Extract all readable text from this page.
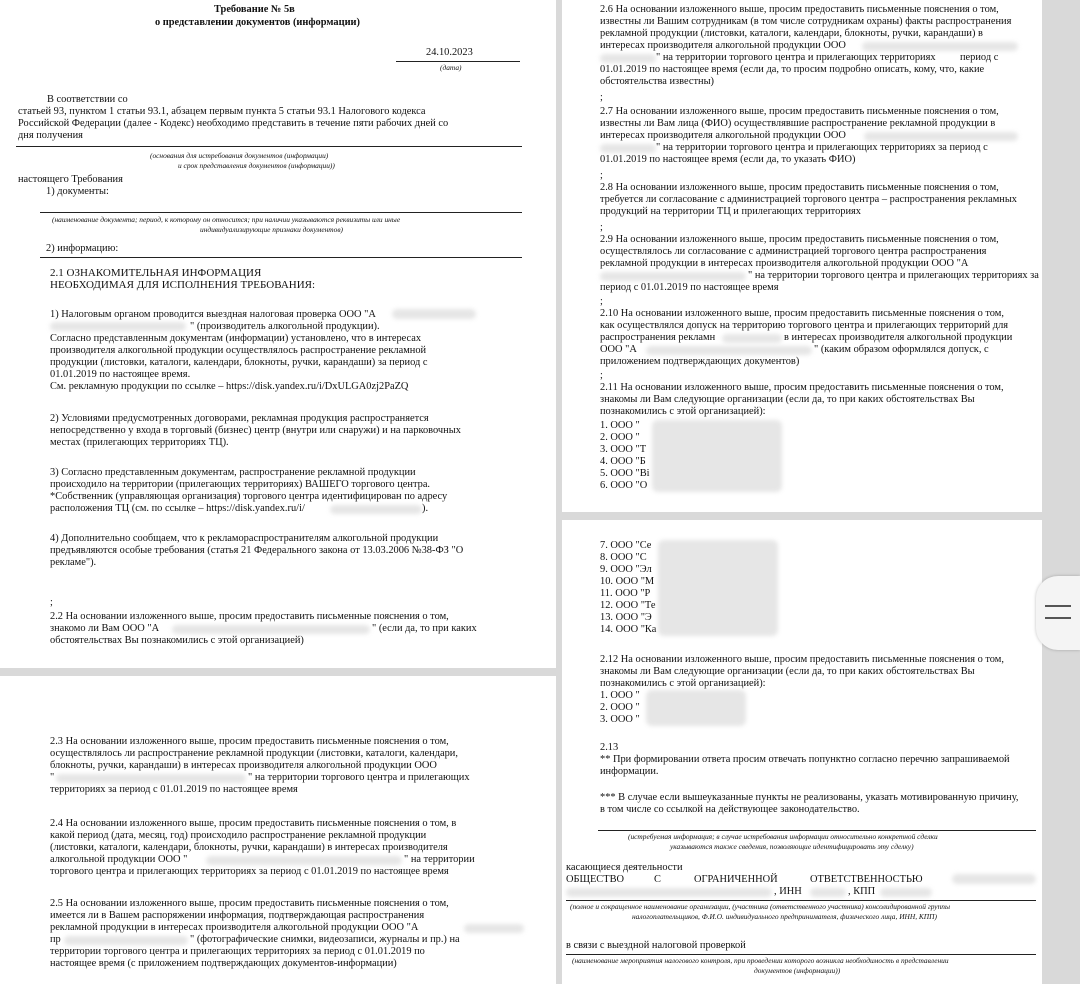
Требование № 5в
о представлении документов (информации)
24.10.2023
(дата)
В соответствии со
статьей 93, пунктом 1 статьи 93.1, абзацем первым пункта 5 статьи 93.1 Налогового кодекса
Российской Федерации (далее - Кодекс) необходимо представить в течение пяти рабочих дней со
дня получения
(основания для истребования документов (информации)
и срок представления документов (информации))
настоящего Требования
1) документы:
(наименование документа; период, к которому он относится; при наличии указываются реквизиты или иные
индивидуализирующие признаки документов)
2) информацию:
2.1 ОЗНАКОМИТЕЛЬНАЯ ИНФОРМАЦИЯ
НЕОБХОДИМАЯ ДЛЯ ИСПОЛНЕНИЯ ТРЕБОВАНИЯ:
1) Налоговым органом проводится выездная налоговая проверка ООО "А
" (производитель алкогольной продукции).
Согласно представленным документам (информации) установлено, что в интересах
производителя алкогольной продукции осуществлялось распространение рекламной
продукции (листовки, каталоги, календари, блокноты, ручки, карандаши) за период с
01.01.2019 по настоящее время.
См. рекламную продукции по ссылке – https://disk.yandex.ru/i/DxULGA0zj2PaZQ
2) Условиями предусмотренных договорами, рекламная продукция распространяется
непосредственно у входа в торговый (бизнес) центр (внутри или снаружи) и на парковочных
местах (прилегающих территориях ТЦ).
3) Согласно представленным документам, распространение рекламной продукции
происходило на территории (прилегающих территориях) ВАШЕГО торгового центра.
*Собственник (управляющая организация) торгового центра идентифицирован по адресу
расположения ТЦ (см. по ссылке – https://disk.yandex.ru/i/	).
4) Дополнительно сообщаем, что к рекламораспространителям алкогольной продукции
предъявляются особые требования (статья 21 Федерального закона от 13.03.2006 №38-ФЗ "О
рекламе").
;
2.2 На основании изложенного выше, просим предоставить письменные пояснения о том,
знакомо ли Вам ООО "А	" (если да, то при каких
обстоятельствах Вы познакомились с этой организацией)
2.3 На основании изложенного выше, просим предоставить письменные пояснения о том,
осуществлялось ли распространение рекламной продукции (листовки, каталоги, календари,
блокноты, ручки, карандаши) в интересах производителя алкогольной продукции ООО
"	" на территории торгового центра и прилегающих
территориях за период с 01.01.2019 по настоящее время
2.4 На основании изложенного выше, просим предоставить письменные пояснения о том, в
какой период (дата, месяц, год) происходило распространение рекламной продукции
(листовки, каталоги, календари, блокноты, ручки, карандаши) в интересах производителя
алкогольной продукции ООО "	" на территории
торгового центра и прилегающих территориях за период с 01.01.2019 по настоящее время
2.5 На основании изложенного выше, просим предоставить письменные пояснения о том,
имеется ли в Вашем распоряжении информация, подтверждающая распространения
рекламной продукции в интересах производителя алкогольной продукции ООО "А
пр	" (фотографические снимки, видеозаписи, журналы и пр.) на
территории торгового центра и прилегающих территориях за период с 01.01.2019 по
настоящее время (с приложением подтверждающих документов-информации)
2.6 На основании изложенного выше, просим предоставить письменные пояснения о том,
известны ли Вашим сотрудникам (в том числе сотрудникам охраны) факты распространения
рекламной продукции (листовки, каталоги, календари, блокноты, ручки, карандаши) в
интересах производителя алкогольной продукции ООО
" на территории торгового центра и прилегающих территориях период с
01.01.2019 по настоящее время (если да, то просим подробно описать, кому, что, какие
обстоятельства известны)
;
2.7 На основании изложенного выше, просим предоставить письменные пояснения о том,
известны ли Вам лица (ФИО) осуществлявшие распространение рекламной продукции в
интересах производителя алкогольной продукции ООО
" на территории торгового центра и прилегающих территориях за период с
01.01.2019 по настоящее время (если да, то указать ФИО)
;
2.8 На основании изложенного выше, просим предоставить письменные пояснения о том,
требуется ли согласование с администрацией торгового центра – распространения рекламных
продукций на территории ТЦ и прилегающих территориях
;
2.9 На основании изложенного выше, просим предоставить письменные пояснения о том,
осуществлялось ли согласование с администрацией торгового центра распространения
рекламной продукции в интересах производителя алкогольной продукции ООО "А
" на территории торгового центра и прилегающих территориях за
период с 01.01.2019 по настоящее время
;
2.10 На основании изложенного выше, просим предоставить письменные пояснения о том,
как осуществлялся допуск на территорию торгового центра и прилегающих территорий для
распространения рекламн	в интересах производителя алкогольной продукции
ООО "А	" (каким образом оформлялся допуск, с
приложением подтверждающих документов)
;
2.11 На основании изложенного выше, просим предоставить письменные пояснения о том,
знакомы ли Вам следующие организации (если да, то при каких обстоятельствах Вы
познакомились с этой организацией):
1. ООО "
2. ООО "
3. ООО "Т
4. ООО "Б
5. ООО "Ві
6. ООО "О
7. ООО "Се
8. ООО "С
9. ООО "Эл
10. ООО "М
11. ООО "Р
12. ООО "Те
13. ООО "Э
14. ООО "Ка
2.12 На основании изложенного выше, просим предоставить письменные пояснения о том,
знакомы ли Вам следующие организации (если да, то при каких обстоятельствах Вы
познакомились с этой организацией):
1. ООО "
2. ООО "
3. ООО "
2.13
** При формировании ответа просим отвечать попунктно согласно перечню запрашиваемой
информации.
*** В случае если вышеуказанные пункты не реализованы, указать мотивированную причину,
в том числе со ссылкой на действующее законодательство.
(истребуемая информация; в случае истребования информации относительно конкретной сделки
указываются также сведения, позволяющие идентифицировать эту сделку)
касающиеся деятельности
ОБЩЕСТВО	С	ОГРАНИЧЕННОЙ	ОТВЕТСТВЕННОСТЬЮ
, ИНН	, КПП
(полное и сокращенное наименование организации, (участника (ответственного участника) консолидированной группы
налогоплательщиков, Ф.И.О. индивидуального предпринимателя, физического лица, ИНН, КПП)
в связи с выездной налоговой проверкой
(наименование мероприятия налогового контроля, при проведении которого возникла необходимость в представлении
документов (информации))
